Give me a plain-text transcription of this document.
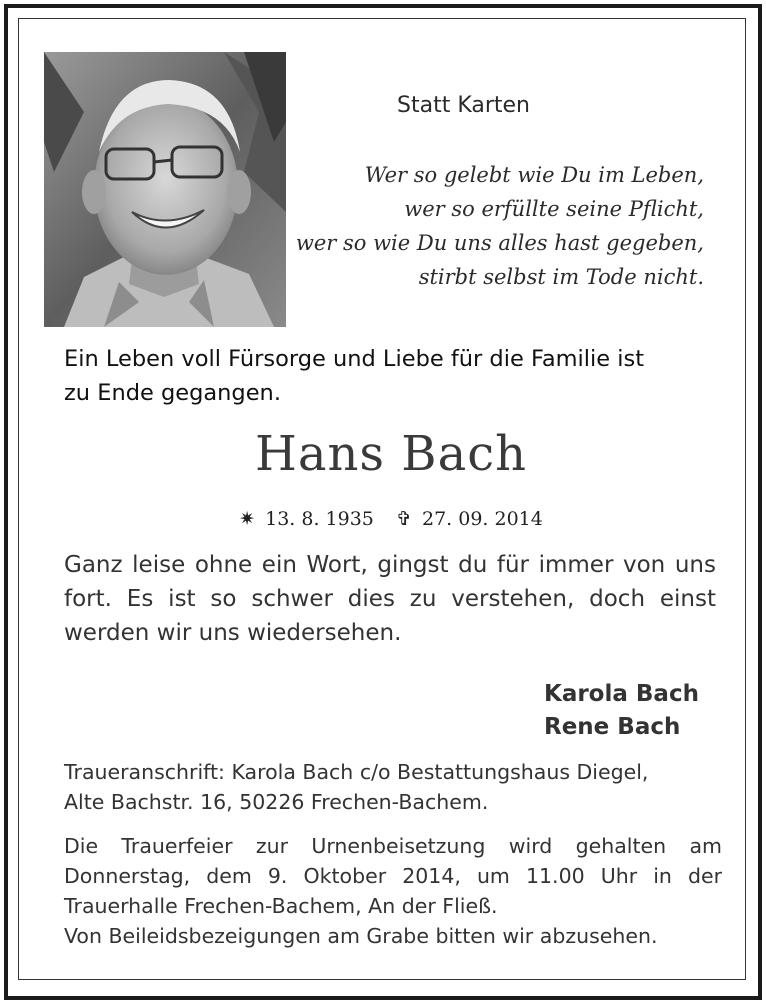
Statt Karten
Wer so gelebt wie Du im Leben,
wer so erfüllte seine Pflicht,
wer so wie Du uns alles hast gegeben,
stirbt selbst im Tode nicht.
Ein Leben voll Fürsorge und Liebe für die Familie ist
zu Ende gegangen.
Hans Bach
✷ 13. 8. 1935 ✞ 27. 09. 2014
Ganz leise ohne ein Wort, gingst du für immer von uns fort. Es ist so schwer dies zu verstehen, doch einst werden wir uns wiedersehen.
Karola Bach
Rene Bach
Traueranschrift: Karola Bach c/o Bestattungshaus Diegel,
Alte Bachstr. 16, 50226 Frechen-Bachem.
Die Trauerfeier zur Urnenbeisetzung wird gehalten am
Donnerstag, dem 9. Oktober 2014, um 11.00 Uhr in der
Trauerhalle Frechen-Bachem, An der Fließ.
Von Beileidsbezeigungen am Grabe bitten wir abzusehen.
